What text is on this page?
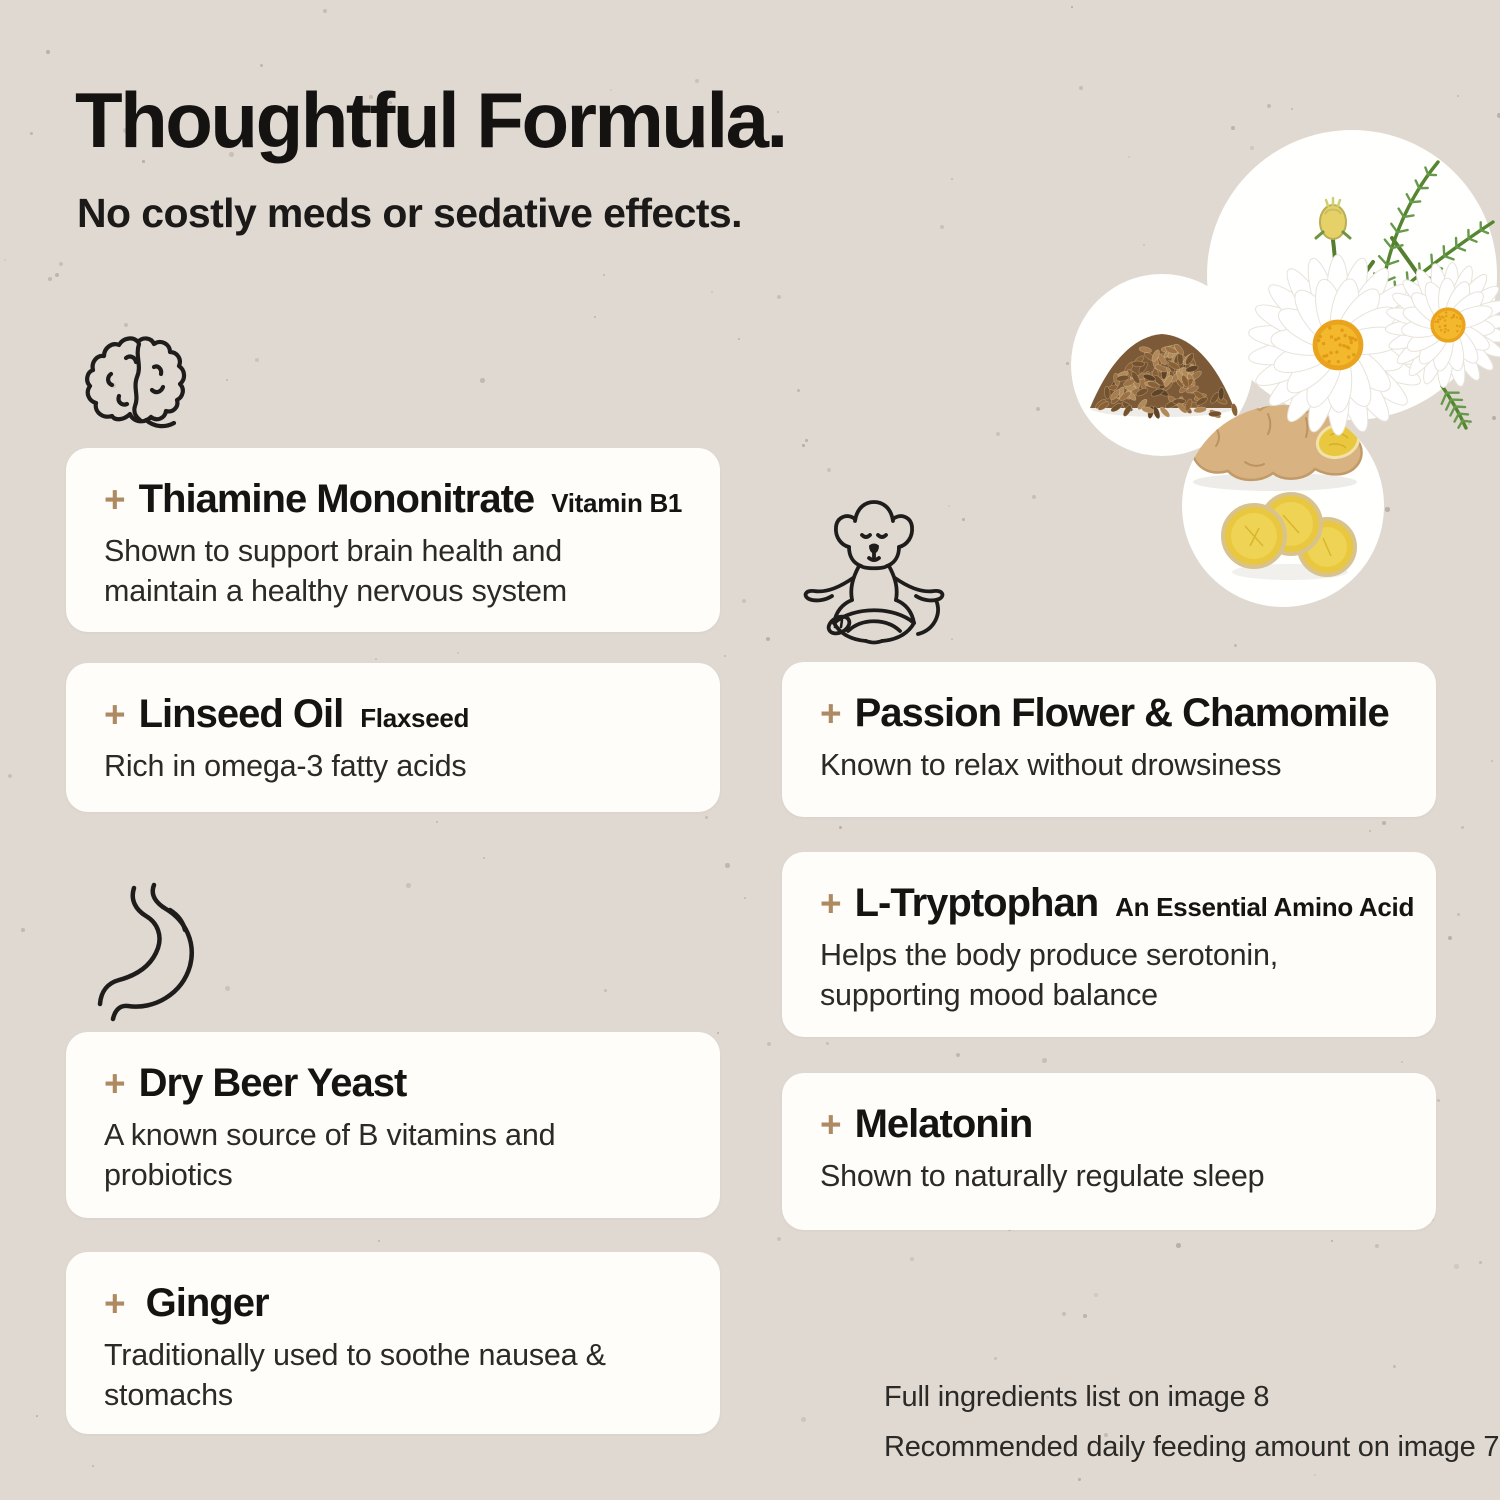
Thoughtful Formula.

No costly meds or sedative effects.

+ Thiamine Mononitrate Vitamin B1

Shown to support brain health and maintain a healthy nervous system

+ Linseed Oil Flaxseed

Rich in omega-3 fatty acids

+ Dry Beer Yeast

A known source of B vitamins and probiotics

+ Ginger

Traditionally used to soothe nausea & stomachs

+ Passion Flower & Chamomile

Known to relax without drowsiness

+ L-Tryptophan An Essential Amino Acid

Helps the body produce serotonin, supporting mood balance

+ Melatonin

Shown to naturally regulate sleep

Full ingredients list on image 8

Recommended daily feeding amount on image 7
